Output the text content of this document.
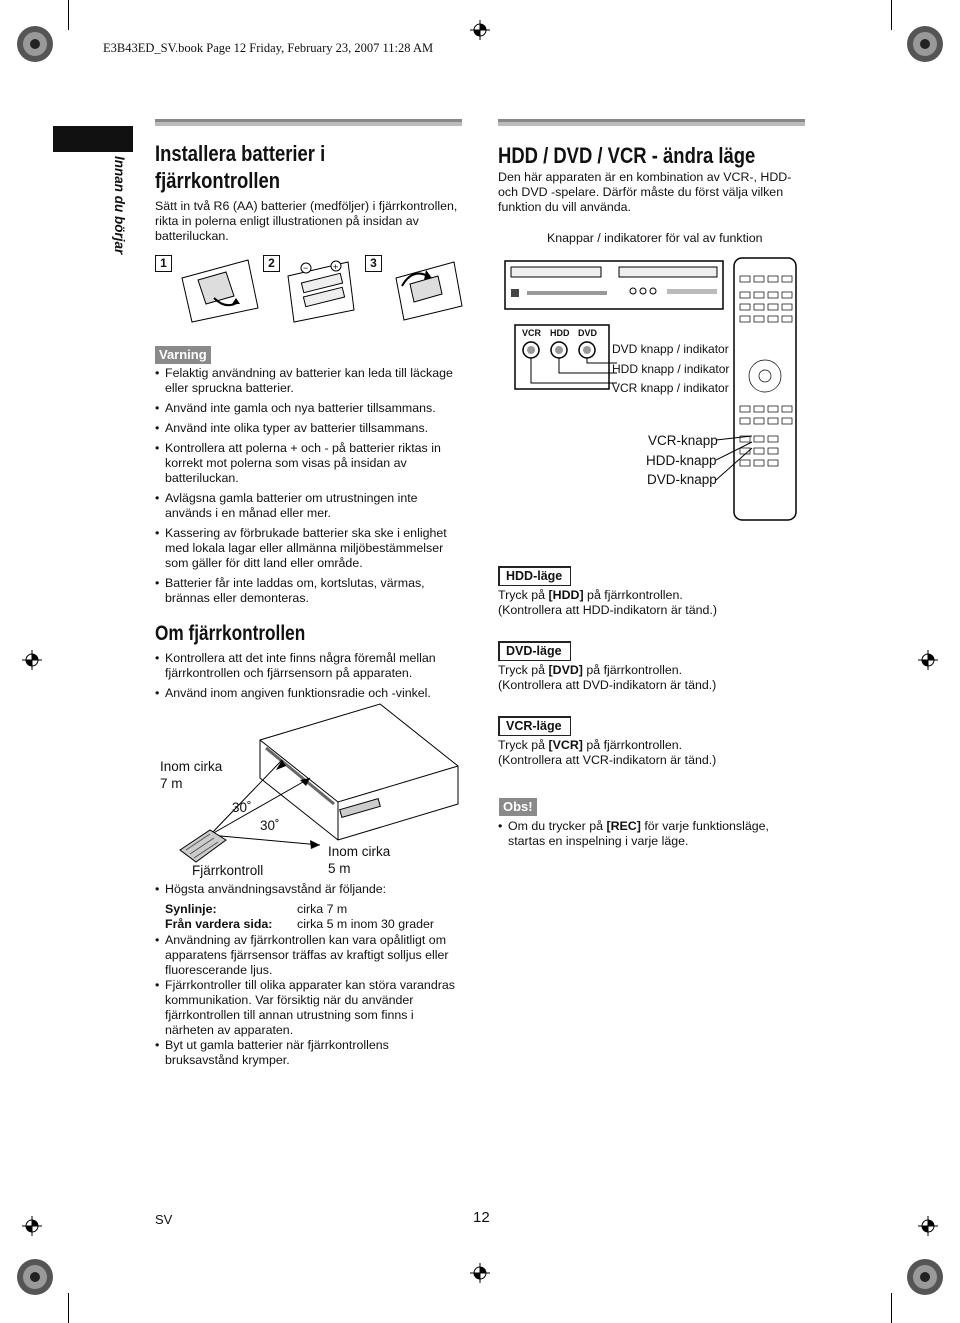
E3B43ED_SV.book Page 12 Friday, February 23, 2007 11:28 AM
Innan du börjar
Installera batterier i
fjärrkontrollen
Sätt in två R6 (AA) batterier (medföljer) i fjärrkontrollen, rikta in polerna enligt illustrationen på insidan av batteriluckan.
1	2	3
−	+
Varning
• Felaktig användning av batterier kan leda till läckage eller spruckna batterier.
• Använd inte gamla och nya batterier tillsammans.
• Använd inte olika typer av batterier tillsammans.
• Kontrollera att polerna + och - på batterier riktas in korrekt mot polerna som visas på insidan av batteriluckan.
• Avlägsna gamla batterier om utrustningen inte används i en månad eller mer.
• Kassering av förbrukade batterier ska ske i enlighet med lokala lagar eller allmänna miljöbestämmelser som gäller för ditt land eller område.
• Batterier får inte laddas om, kortslutas, värmas, brännas eller demonteras.
Om fjärrkontrollen
• Kontrollera att det inte finns några föremål mellan fjärrkontrollen och fjärrsensorn på apparaten.
• Använd inom angiven funktionsradie och -vinkel.
Inom cirka
7 m
30˚
30˚
Inom cirka
5 m
Fjärrkontroll
• Högsta användningsavstånd är följande:
Synlinje:	cirka 7 m
Från vardera sida:	cirka 5 m inom 30 grader
• Användning av fjärrkontrollen kan vara opålitligt om apparatens fjärrsensor träffas av kraftigt solljus eller fluorescerande ljus.
• Fjärrkontroller till olika apparater kan störa varandras kommunikation. Var försiktig när du använder fjärrkontrollen till annan utrustning som finns i närheten av apparaten.
• Byt ut gamla batterier när fjärrkontrollens bruksavstånd krymper.
HDD / DVD / VCR - ändra läge
Den här apparaten är en kombination av VCR-, HDD- och DVD -spelare. Därför måste du först välja vilken funktion du vill använda.
Knappar / indikatorer för val av funktion
VCR HDD DVD
DVD knapp / indikator
HDD knapp / indikator
VCR knapp / indikator
VCR-knapp
HDD-knapp
DVD-knapp
HDD-läge
Tryck på [HDD] på fjärrkontrollen.
(Kontrollera att HDD-indikatorn är tänd.)
DVD-läge
Tryck på [DVD] på fjärrkontrollen.
(Kontrollera att DVD-indikatorn är tänd.)
VCR-läge
Tryck på [VCR] på fjärrkontrollen.
(Kontrollera att VCR-indikatorn är tänd.)
Obs!
• Om du trycker på [REC] för varje funktionsläge, startas en inspelning i varje läge.
SV	12
